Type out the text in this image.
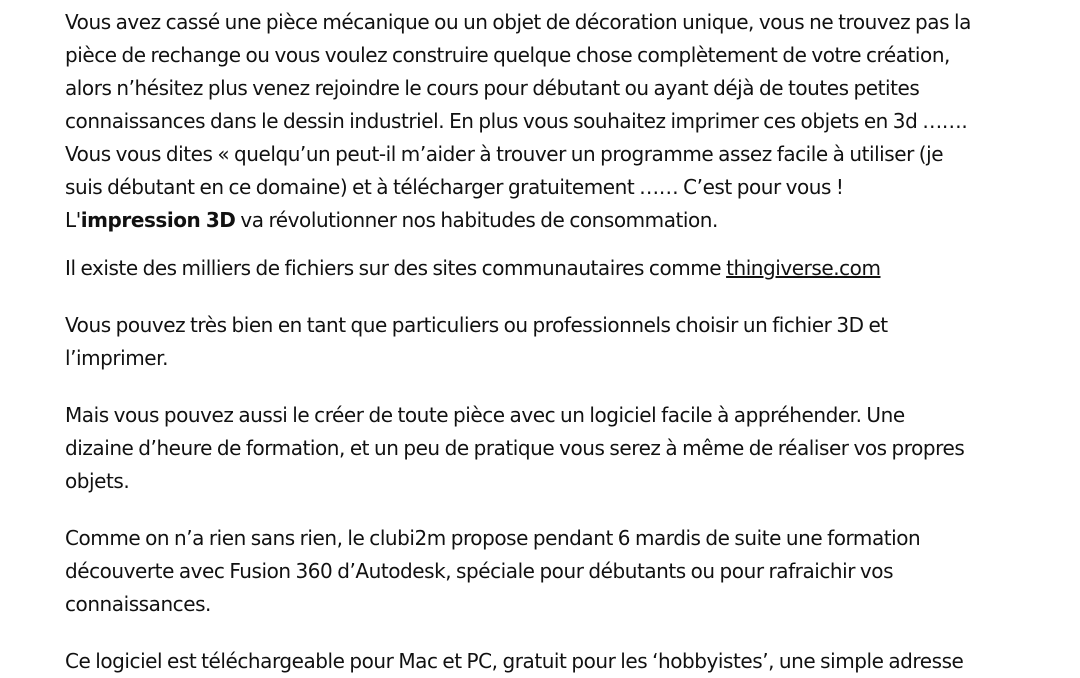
Vous avez cassé une pièce mécanique ou un objet de décoration unique, vous ne trouvez pas la
pièce de rechange ou vous voulez construire quelque chose complètement de votre création,
alors n’hésitez plus venez rejoindre le cours pour débutant ou ayant déjà de toutes petites
connaissances dans le dessin industriel. En plus vous souhaitez imprimer ces objets en 3d …….
Vous vous dites « quelqu’un peut-il m’aider à trouver un programme assez facile à utiliser (je
suis débutant en ce domaine) et à télécharger gratuitement …… C’est pour vous !
L'impression 3D va révolutionner nos habitudes de consommation.
Il existe des milliers de fichiers sur des sites communautaires comme thingiverse.com
Vous pouvez très bien en tant que particuliers ou professionnels choisir un fichier 3D et
l’imprimer.
Mais vous pouvez aussi le créer de toute pièce avec un logiciel facile à appréhender. Une
dizaine d’heure de formation, et un peu de pratique vous serez à même de réaliser vos propres
objets.
Comme on n’a rien sans rien, le clubi2m propose pendant 6 mardis de suite une formation
découverte avec Fusion 360 d’Autodesk, spéciale pour débutants ou pour rafraichir vos
connaissances.
Ce logiciel est téléchargeable pour Mac et PC, gratuit pour les ‘hobbyistes’, une simple adresse
